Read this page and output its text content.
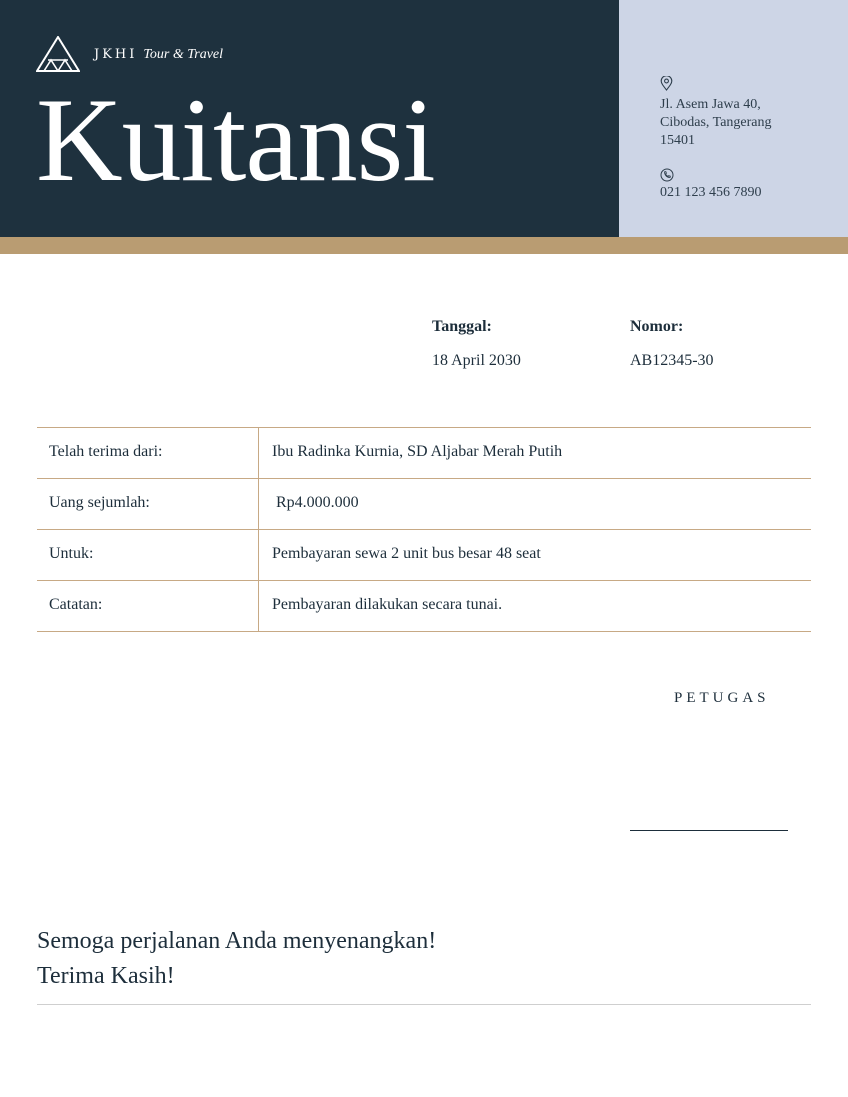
JKHI Tour & Travel
Kuitansi	Jl. Asem Jawa 40,
Cibodas, Tangerang
15401
021 123 456 7890
Tanggal:
18 April 2030
Nomor:
AB12345-30
Telah terima dari:	Ibu Radinka Kurnia, SD Aljabar Merah Putih
Uang sejumlah:	Rp4.000.000
Untuk:	Pembayaran sewa 2 unit bus besar 48 seat
Catatan:	Pembayaran dilakukan secara tunai.
PETUGAS
Semoga perjalanan Anda menyenangkan!
Terima Kasih!
